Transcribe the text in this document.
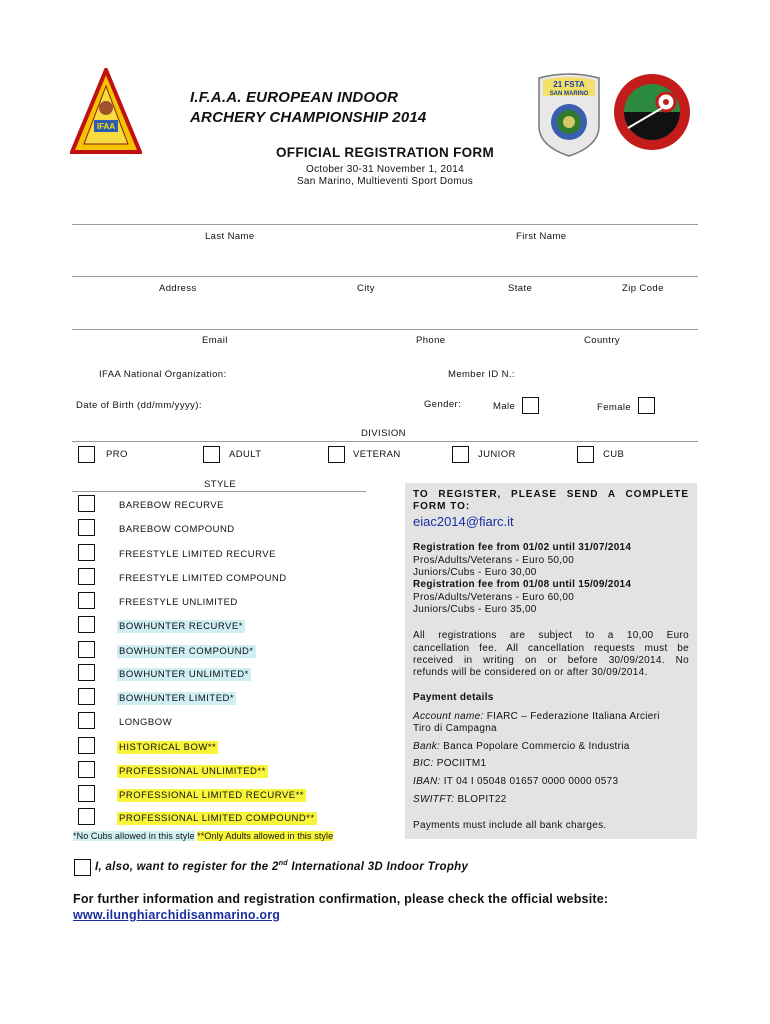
IFAA
21 FSTA
SAN MARINO
I.F.A.A. EUROPEAN INDOOR
ARCHERY CHAMPIONSHIP 2014
OFFICIAL REGISTRATION FORM
October 30-31 November 1, 2014
San Marino, Multieventi Sport Domus
Last Name	First Name
Address	City	State	Zip Code
Email	Phone	Country
IFAA National Organization:	Member ID N.:
Date of Birth (dd/mm/yyyy):	Gender:	Male	Female
DIVISION
PRO	ADULT	VETERAN	JUNIOR	CUB
STYLE
BAREBOW RECURVE
BAREBOW COMPOUND
FREESTYLE LIMITED RECURVE
FREESTYLE LIMITED COMPOUND
FREESTYLE UNLIMITED
BOWHUNTER RECURVE*
BOWHUNTER COMPOUND*
BOWHUNTER UNLIMITED*
BOWHUNTER LIMITED*
LONGBOW
HISTORICAL BOW**
PROFESSIONAL UNLIMITED**
PROFESSIONAL LIMITED RECURVE**
PROFESSIONAL LIMITED COMPOUND**
*No Cubs allowed in this style **Only Adults allowed in this style
TO REGISTER, PLEASE SEND A COMPLETE
FORM TO:
eiac2014@fiarc.it
Registration fee from 01/02 until 31/07/2014
Pros/Adults/Veterans - Euro 50,00
Juniors/Cubs - Euro 30,00
Registration fee from 01/08 until 15/09/2014
Pros/Adults/Veterans - Euro 60,00
Juniors/Cubs - Euro 35,00
All registrations are subject to a 10,00 Euro
cancellation fee. All cancellation requests must be
received in writing on or before 30/09/2014. No
refunds will be considered on or after 30/09/2014.
Payment details
Account name: FIARC – Federazione Italiana Arcieri
Tiro di Campagna
Bank: Banca Popolare Commercio & Industria
BIC: POCIITM1
IBAN: IT 04 I 05048 01657 0000 0000 0573
SWITFT: BLOPIT22
Payments must include all bank charges.
I, also, want to register for the 2nd International 3D Indoor Trophy
For further information and registration confirmation, please check the official website:
www.ilunghiarchidisanmarino.org
